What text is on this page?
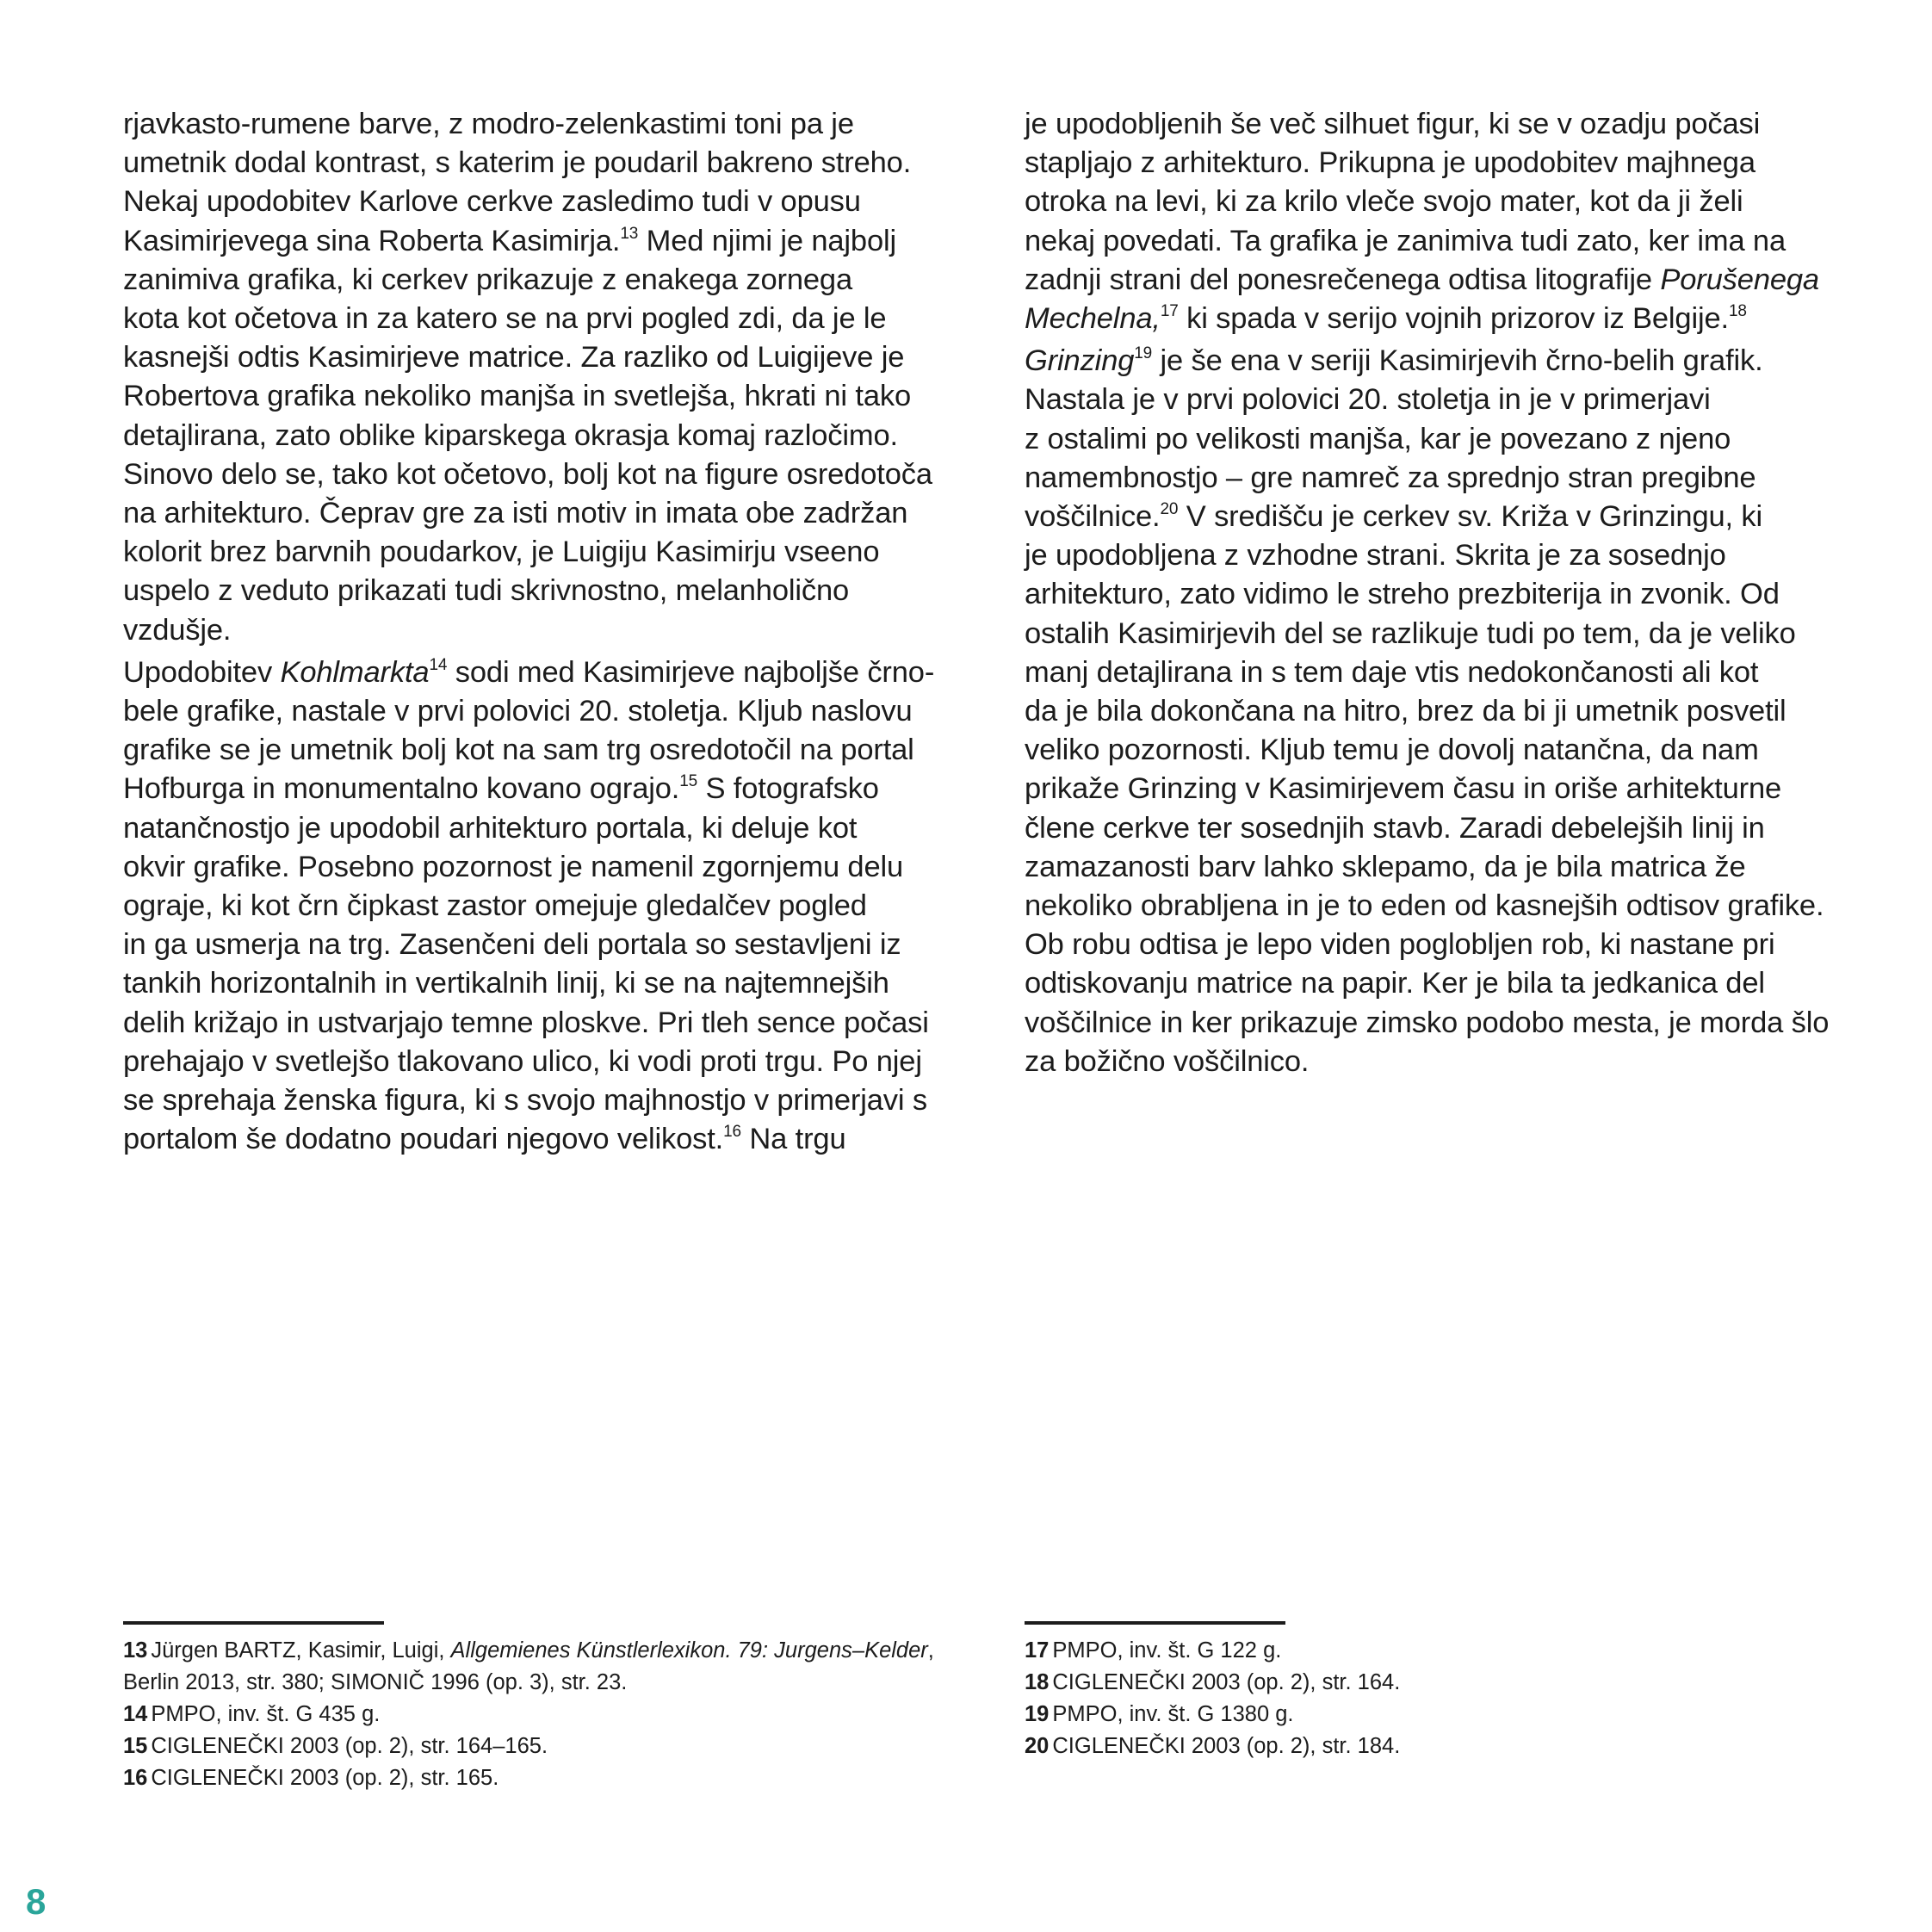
rjavkasto-rumene barve, z modro-zelenkastimi toni pa je
umetnik dodal kontrast, s katerim je poudaril bakreno streho.
Nekaj upodobitev Karlove cerkve zasledimo tudi v opusu
Kasimirjevega sina Roberta Kasimirja.$^{13}$ Med njimi je najbolj
zanimiva grafika, ki cerkev prikazuje z enakega zornega
kota kot očetova in za katero se na prvi pogled zdi, da je le
kasnejši odtis Kasimirjeve matrice. Za razliko od Luigijeve je
Robertova grafika nekoliko manjša in svetlejša, hkrati ni tako
detajlirana, zato oblike kiparskega okrasja komaj razločimo.
Sinovo delo se, tako kot očetovo, bolj kot na figure osredotoča
na arhitekturo. Čeprav gre za isti motiv in imata obe zadržan
kolorit brez barvnih poudarkov, je Luigiju Kasimirju vseeno
uspelo z veduto prikazati tudi skrivnostno, melanholično
vzdušje.
Upodobitev Kohlmarkta$^{14}$ sodi med Kasimirjeve najboljše črno-
bele grafike, nastale v prvi polovici 20. stoletja. Kljub naslovu
grafike se je umetnik bolj kot na sam trg osredotočil na portal
Hofburga in monumentalno kovano ograjo.$^{15}$ S fotografsko
natančnostjo je upodobil arhitekturo portala, ki deluje kot
okvir grafike. Posebno pozornost je namenil zgornjemu delu
ograje, ki kot črn čipkast zastor omejuje gledalčev pogled
in ga usmerja na trg. Zasenčeni deli portala so sestavljeni iz
tankih horizontalnih in vertikalnih linij, ki se na najtemnejših
delih križajo in ustvarjajo temne ploskve. Pri tleh sence počasi
prehajajo v svetlejšo tlakovano ulico, ki vodi proti trgu. Po njej
se sprehaja ženska figura, ki s svojo majhnostjo v primerjavi s
portalom še dodatno poudari njegovo velikost.$^{16}$ Na trgu
je upodobljenih še več silhuet figur, ki se v ozadju počasi
stapljajo z arhitekturo. Prikupna je upodobitev majhnega
otroka na levi, ki za krilo vleče svojo mater, kot da ji želi
nekaj povedati. Ta grafika je zanimiva tudi zato, ker ima na
zadnji strani del ponesrečenega odtisa litografije Porušenega
Mechelna,$^{17}$ ki spada v serijo vojnih prizorov iz Belgije.$^{18}$
Grinzing$^{19}$ je še ena v seriji Kasimirjevih črno-belih grafik.
Nastala je v prvi polovici 20. stoletja in je v primerjavi
z ostalimi po velikosti manjša, kar je povezano z njeno
namembnostjo – gre namreč za sprednjo stran pregibne
voščilnice.$^{20}$ V središču je cerkev sv. Križa v Grinzingu, ki
je upodobljena z vzhodne strani. Skrita je za sosednjo
arhitekturo, zato vidimo le streho prezbiterija in zvonik. Od
ostalih Kasimirjevih del se razlikuje tudi po tem, da je veliko
manj detajlirana in s tem daje vtis nedokončanosti ali kot
da je bila dokončana na hitro, brez da bi ji umetnik posvetil
veliko pozornosti. Kljub temu je dovolj natančna, da nam
prikaže Grinzing v Kasimirjevem času in oriše arhitekturne
člene cerkve ter sosednjih stavb. Zaradi debelejših linij in
zamazanosti barv lahko sklepamo, da je bila matrica že
nekoliko obrabljena in je to eden od kasnejših odtisov grafike.
Ob robu odtisa je lepo viden poglobljen rob, ki nastane pri
odtiskovanju matrice na papir. Ker je bila ta jedkanica del
voščilnice in ker prikazuje zimsko podobo mesta, je morda šlo
za božično voščilnico.
13 Jürgen BARTZ, Kasimir, Luigi, Allgemienes Künstlerlexikon. 79: Jurgens–Kelder,
Berlin 2013, str. 380; SIMONIČ 1996 (op. 3), str. 23.
14 PMPO, inv. št. G 435 g.
15 CIGLENEČKI 2003 (op. 2), str. 164–165.
16 CIGLENEČKI 2003 (op. 2), str. 165.
17 PMPO, inv. št. G 122 g.
18 CIGLENEČKI 2003 (op. 2), str. 164.
19 PMPO, inv. št. G 1380 g.
20 CIGLENEČKI 2003 (op. 2), str. 184.
8
